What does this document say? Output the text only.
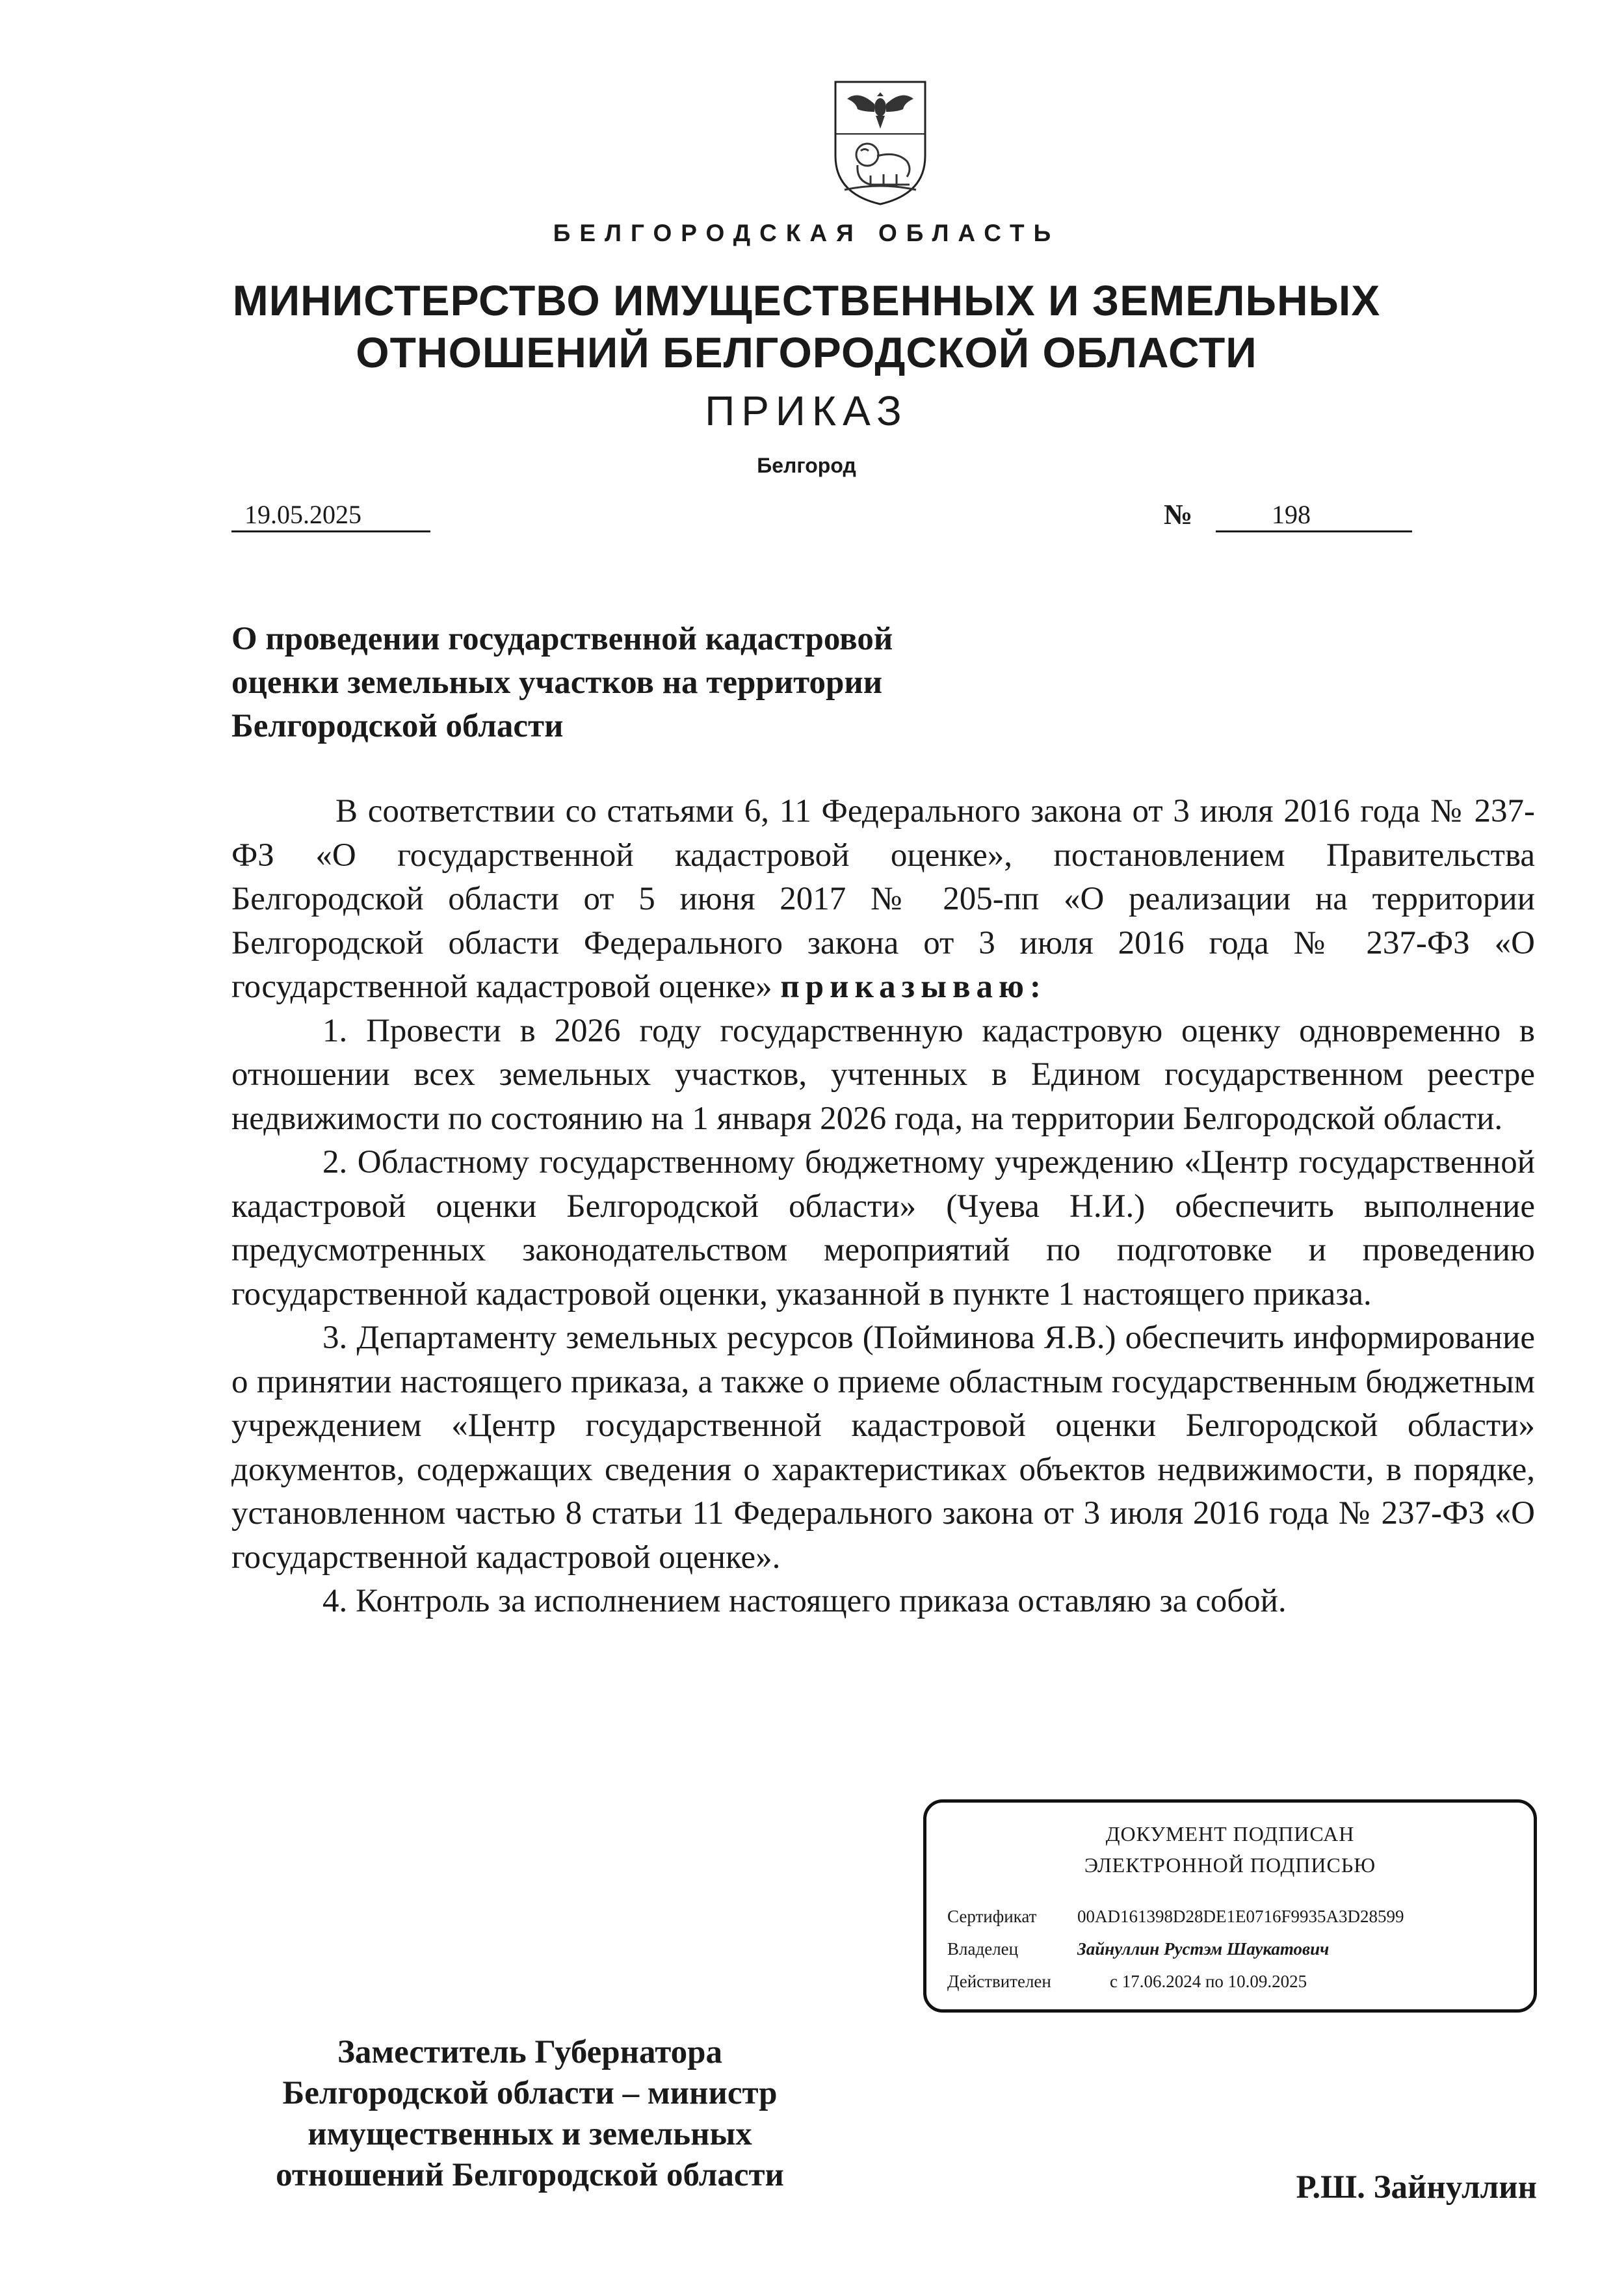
БЕЛГОРОДСКАЯ ОБЛАСТЬ
МИНИСТЕРСТВО ИМУЩЕСТВЕННЫХ И ЗЕМЕЛЬНЫХ
ОТНОШЕНИЙ БЕЛГОРОДСКОЙ ОБЛАСТИ
ПРИКАЗ
Белгород
19.05.2025	№	198
О проведении государственной кадастровой
оценки земельных участков на территории
Белгородской области

В соответствии со статьями 6, 11 Федерального закона от 3 июля 2016 года № 237-ФЗ «О государственной кадастровой оценке», постановлением Правительства Белгородской области от 5 июня 2017 № 205-пп «О реализации на территории Белгородской области Федерального закона от 3 июля 2016 года № 237-ФЗ «О государственной кадастровой оценке» приказываю:

1. Провести в 2026 году государственную кадастровую оценку одновременно в отношении всех земельных участков, учтенных в Едином государственном реестре недвижимости по состоянию на 1 января 2026 года, на территории Белгородской области.

2. Областному государственному бюджетному учреждению «Центр государственной кадастровой оценки Белгородской области» (Чуева Н.И.) обеспечить выполнение предусмотренных законодательством мероприятий по подготовке и проведению государственной кадастровой оценки, указанной в пункте 1 настоящего приказа.

3. Департаменту земельных ресурсов (Пойминова Я.В.) обеспечить информирование о принятии настоящего приказа, а также о приеме областным государственным бюджетным учреждением «Центр государственной кадастровой оценки Белгородской области» документов, содержащих сведения о характеристиках объектов недвижимости, в порядке, установленном частью 8 статьи 11 Федерального закона от 3 июля 2016 года № 237-ФЗ «О государственной кадастровой оценке».

4. Контроль за исполнением настоящего приказа оставляю за собой.

ДОКУМЕНТ ПОДПИСАН
ЭЛЕКТРОННОЙ ПОДПИСЬЮ
Сертификат 00AD161398D28DE1E0716F9935A3D28599
Владелец	Зайнуллин Рустэм Шаукатович
Действителен	с 17.06.2024 по 10.09.2025
Заместитель Губернатора
Белгородской области – министр
имущественных и земельных
отношений Белгородской области	Р.Ш. Зайнуллин
